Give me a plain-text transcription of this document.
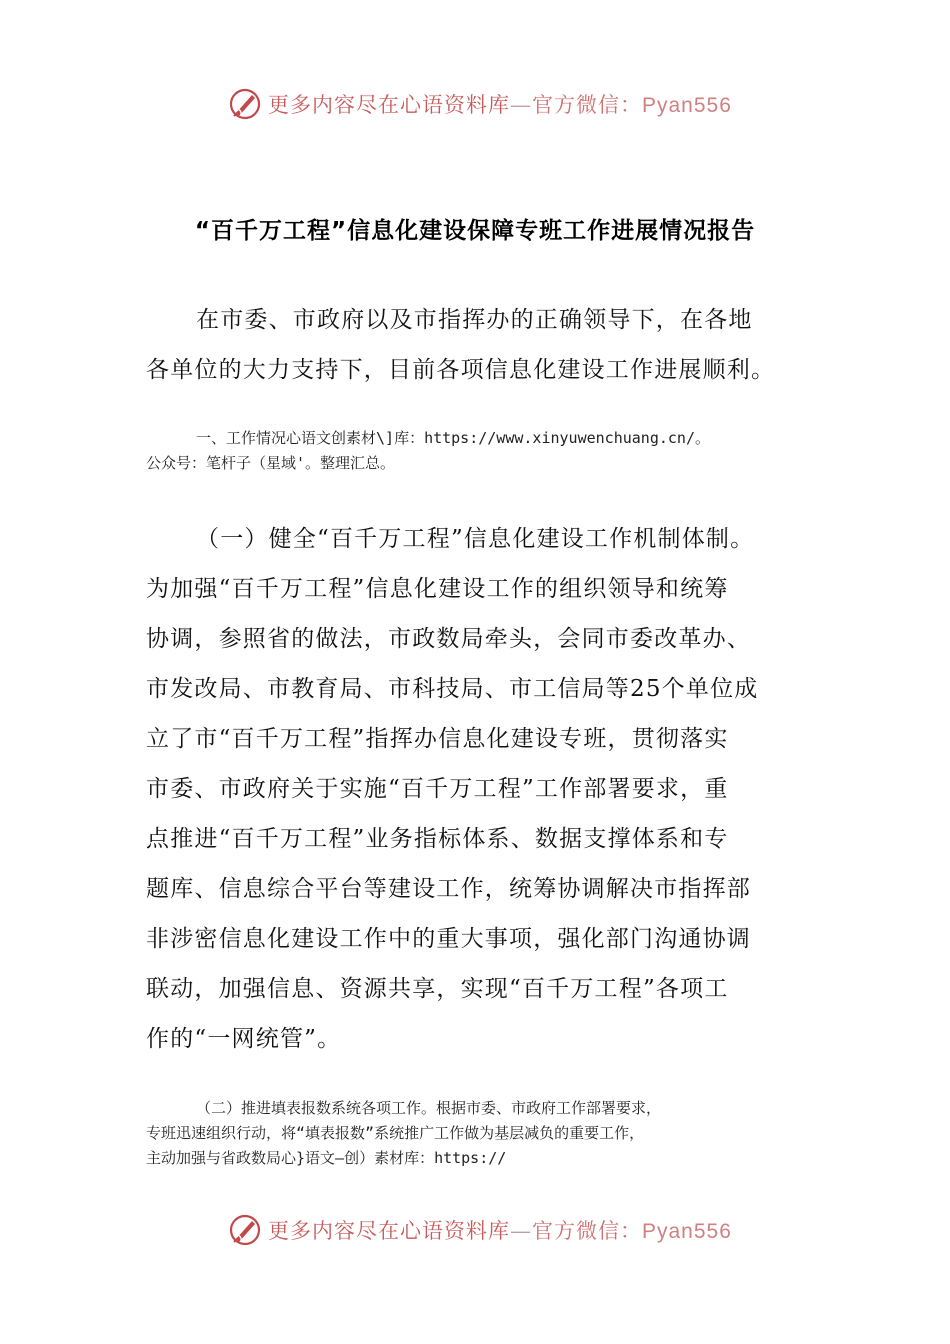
更多内容尽在心语资料库—官方微信：Pyan556
“百千万工程”信息化建设保障专班工作进展情况报告
在市委、市政府以及市指挥办的正确领导下，在各地
各单位的大力支持下，目前各项信息化建设工作进展顺利。
一、工作情况心语文创素材\]库：https://www.xinyuwenchuang.cn/。
公众号：笔杆子（星域'。整理汇总。
（一）健全“百千万工程”信息化建设工作机制体制。
为加强“百千万工程”信息化建设工作的组织领导和统筹
协调，参照省的做法，市政数局牵头，会同市委改革办、
市发改局、市教育局、市科技局、市工信局等25个单位成
立了市“百千万工程”指挥办信息化建设专班，贯彻落实
市委、市政府关于实施“百千万工程”工作部署要求，重
点推进“百千万工程”业务指标体系、数据支撑体系和专
题库、信息综合平台等建设工作，统筹协调解决市指挥部
非涉密信息化建设工作中的重大事项，强化部门沟通协调
联动，加强信息、资源共享，实现“百千万工程”各项工
作的“一网统管”。
（二）推进填表报数系统各项工作。根据市委、市政府工作部署要求，
专班迅速组织行动，将“填表报数”系统推广工作做为基层减负的重要工作，
主动加强与省政数局心}语文—创）素材库：https://
更多内容尽在心语资料库—官方微信：Pyan556
